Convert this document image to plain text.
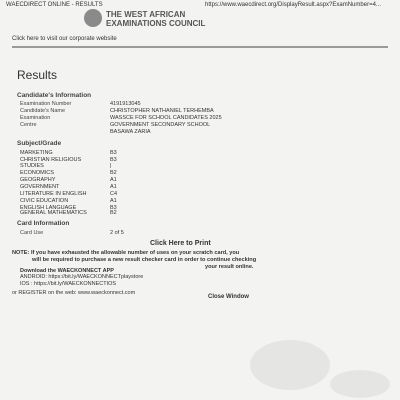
WAECDIRECT ONLINE - RESULTS	https://www.waecdirect.org/DisplayResult.aspx?ExamNumber=4...
THE WEST AFRICAN
EXAMINATIONS COUNCIL
Click here to visit our corporate website
Results
Candidate's Information
Examination Number	4191913045
Candidate's Name	CHRISTOPHER NATHANIEL TERHEMBA
Examination	WASSCE FOR SCHOOL CANDIDATES 2025
Centre	GOVERNMENT SECONDARY SCHOOL
BASAWA ZARIA
Subject/Grade
MARKETING	B3
CHRISTIAN RELIGIOUS	B3
STUDIES	|
ECONOMICS	B2
GEOGRAPHY	A1
GOVERNMENT	A1
LITERATURE IN ENGLISH	C4
CIVIC EDUCATION	A1
ENGLISH LANGUAGE	B3
GENERAL MATHEMATICS	B2
Card Information
Card Use	2 of 5
Click Here to Print
NOTE: If you have exhausted the allowable number of uses on your scratch card, you
will be required to purchase a new result checker card in order to continue checking
your result online.
Download the WAECKONNECT APP
ANDROID: https://bit.ly/WAECKONNECTplaystore
IOS : https://bit.ly/WAECKONNECTIOS
or REGISTER on the web: www.waeckonnect.com
Close Window
